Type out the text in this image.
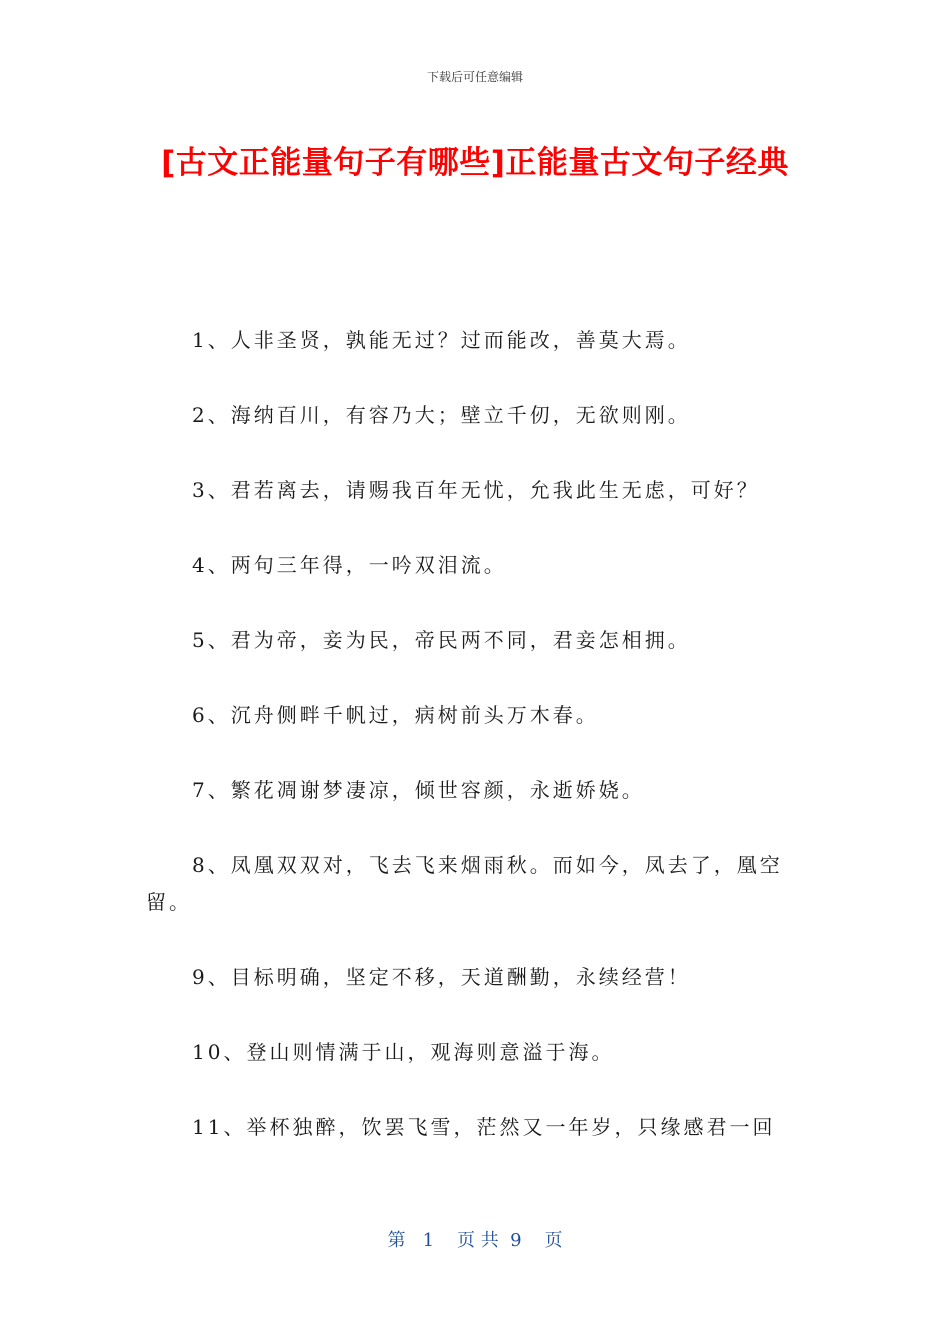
下载后可任意编辑
[古文正能量句子有哪些]正能量古文句子经典

1、人非圣贤，孰能无过？过而能改，善莫大焉。

2、海纳百川，有容乃大；壁立千仞，无欲则刚。

3、君若离去，请赐我百年无忧，允我此生无虑，可好？

4、两句三年得，一吟双泪流。

5、君为帝，妾为民，帝民两不同，君妾怎相拥。

6、沉舟侧畔千帆过，病树前头万木春。

7、繁花凋谢梦凄凉，倾世容颜，永逝娇娆。

8、凤凰双双对，飞去飞来烟雨秋。而如今，凤去了，凰空留。

9、目标明确，坚定不移，天道酬勤，永续经营！

10、登山则情满于山，观海则意溢于海。

11、举杯独醉，饮罢飞雪，茫然又一年岁，只缘感君一回

第   1    页 共  9    页
